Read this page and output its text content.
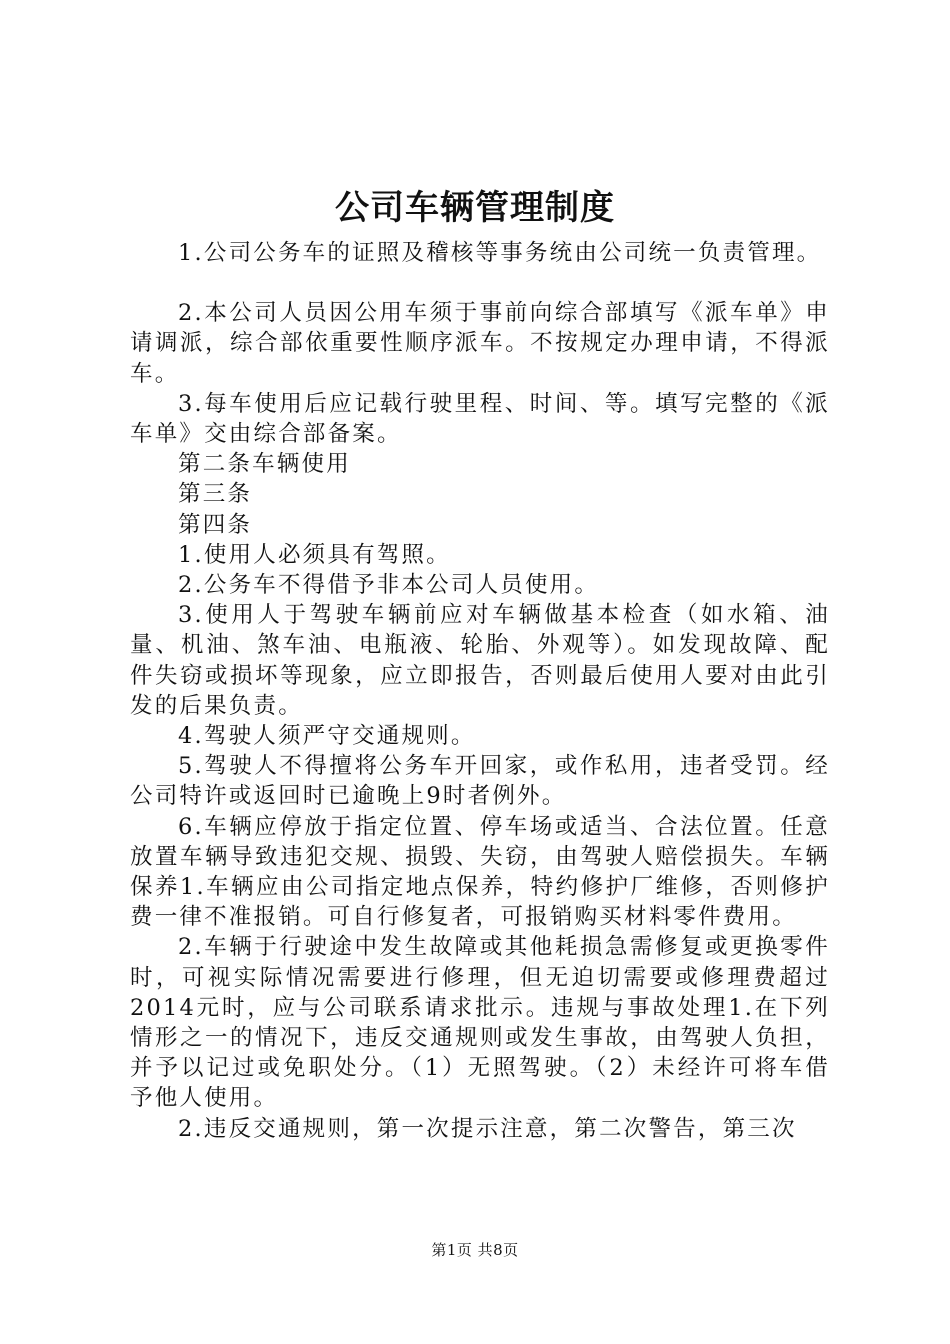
公司车辆管理制度

1.公司公务车的证照及稽核等事务统由公司统一负责管理。

2.本公司人员因公用车须于事前向综合部填写《派车单》申请调派，综合部依重要性顺序派车。不按规定办理申请，不得派车。

3.每车使用后应记载行驶里程、时间、等。填写完整的《派车单》交由综合部备案。

第二条车辆使用

第三条

第四条

1.使用人必须具有驾照。

2.公务车不得借予非本公司人员使用。

3.使用人于驾驶车辆前应对车辆做基本检查（如水箱、油量、机油、煞车油、电瓶液、轮胎、外观等）。如发现故障、配件失窃或损坏等现象，应立即报告，否则最后使用人要对由此引发的后果负责。

4.驾驶人须严守交通规则。

5.驾驶人不得擅将公务车开回家，或作私用，违者受罚。经公司特许或返回时已逾晚上9时者例外。

6.车辆应停放于指定位置、停车场或适当、合法位置。任意放置车辆导致违犯交规、损毁、失窃，由驾驶人赔偿损失。车辆保养1.车辆应由公司指定地点保养，特约修护厂维修，否则修护费一律不准报销。可自行修复者，可报销购买材料零件费用。

2.车辆于行驶途中发生故障或其他耗损急需修复或更换零件时，可视实际情况需要进行修理，但无迫切需要或修理费超过2014元时，应与公司联系请求批示。违规与事故处理1.在下列情形之一的情况下，违反交通规则或发生事故，由驾驶人负担，并予以记过或免职处分。（1）无照驾驶。（2）未经许可将车借予他人使用。

2.违反交通规则，第一次提示注意，第二次警告，第三次

第1页 共8页
